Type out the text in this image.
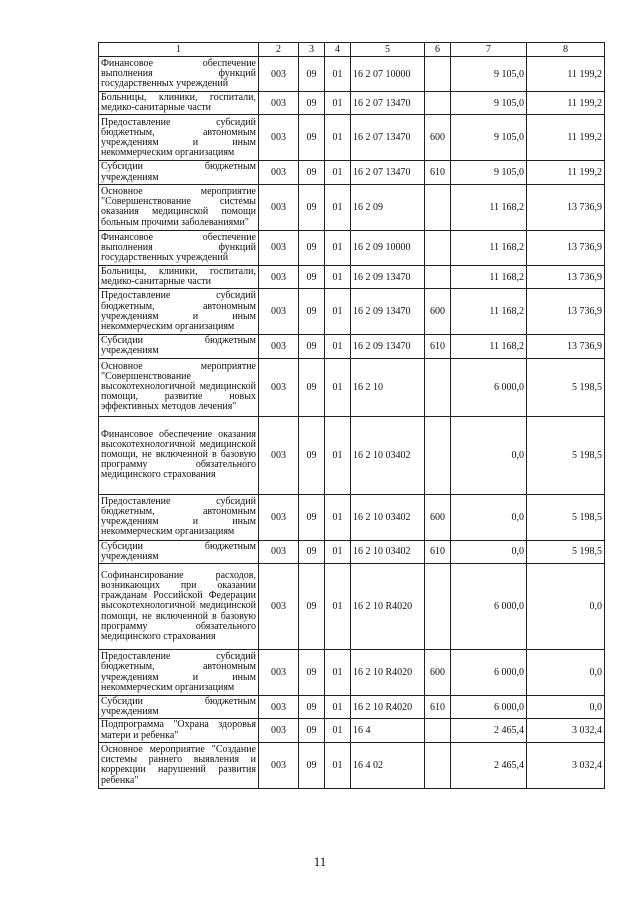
1	2	3	4	5	6	7	8
Финансовое обеспечение выполнения функций государственных учреждений	003	09	01	16 2 07 10000		9 105,0	11 199,2
Больницы, клиники, госпитали, медико-санитарные части	003	09	01	16 2 07 13470		9 105,0	11 199,2
Предоставление субсидий бюджетным, автономным учреждениям и иным некоммерческим организациям	003	09	01	16 2 07 13470	600	9 105,0	11 199,2
Субсидии бюджетным учреждениям	003	09	01	16 2 07 13470	610	9 105,0	11 199,2
Основное мероприятие "Совершенствование системы оказания медицинской помощи больным прочими заболеваниями"	003	09	01	16 2 09		11 168,2	13 736,9
Финансовое обеспечение выполнения функций государственных учреждений	003	09	01	16 2 09 10000		11 168,2	13 736,9
Больницы, клиники, госпитали, медико-санитарные части	003	09	01	16 2 09 13470		11 168,2	13 736,9
Предоставление субсидий бюджетным, автономным учреждениям и иным некоммерческим организациям	003	09	01	16 2 09 13470	600	11 168,2	13 736,9
Субсидии бюджетным учреждениям	003	09	01	16 2 09 13470	610	11 168,2	13 736,9
Основное мероприятие "Совершенствование высокотехнологичной медицинской помощи, развитие новых эффективных методов лечения"	003	09	01	16 2 10		6 000,0	5 198,5
Финансовое обеспечение оказания высокотехнологичной медицинской помощи, не включенной в базовую программу обязательного медицинского страхования	003	09	01	16 2 10 03402		0,0	5 198,5
Предоставление субсидий бюджетным, автономным учреждениям и иным некоммерческим организациям	003	09	01	16 2 10 03402	600	0,0	5 198,5
Субсидии бюджетным учреждениям	003	09	01	16 2 10 03402	610	0,0	5 198,5
Софинансирование расходов, возникающих при оказании гражданам Российской Федерации высокотехнологичной медицинской помощи, не включенной в базовую программу обязательного медицинского страхования	003	09	01	16 2 10 R4020		6 000,0	0,0
Предоставление субсидий бюджетным, автономным учреждениям и иным некоммерческим организациям	003	09	01	16 2 10 R4020	600	6 000,0	0,0
Субсидии бюджетным учреждениям	003	09	01	16 2 10 R4020	610	6 000,0	0,0
Подпрограмма "Охрана здоровья матери и ребенка"	003	09	01	16 4		2 465,4	3 032,4
Основное мероприятие "Создание системы раннего выявления и коррекции нарушений развития ребенка"	003	09	01	16 4 02		2 465,4	3 032,4
11
